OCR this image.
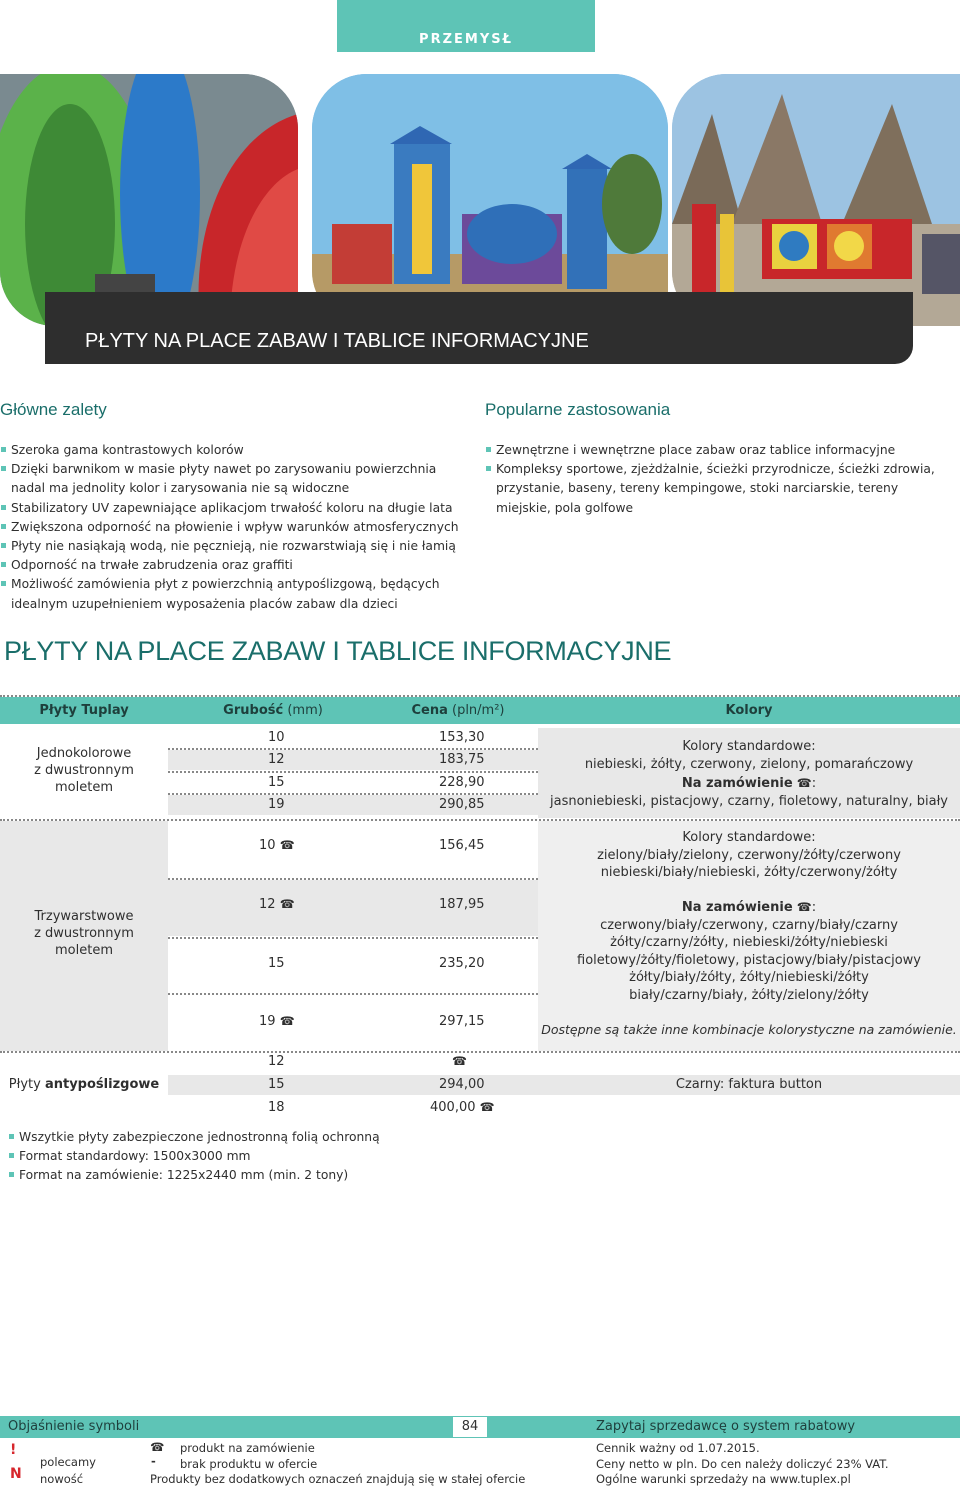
PRZEMYSŁ
PŁYTY NA PLACE ZABAW I TABLICE INFORMACYJNE
Główne zalety
Szeroka gama kontrastowych kolorów
Dzięki barwnikom w masie płyty nawet po zarysowaniu powierzchnia nadal ma jednolity kolor i zarysowania nie są widoczne
Stabilizatory UV zapewniające aplikacjom trwałość koloru na długie lata
Zwiększona odporność na płowienie i wpływ warunków atmosferycznych
Płyty nie nasiąkają wodą, nie pęcznieją, nie rozwarstwiają się i nie łamią
Odporność na trwałe zabrudzenia oraz graffiti
Możliwość zamówienia płyt z powierzchnią antypoślizgową, będących idealnym uzupełnieniem wyposażenia placów zabaw dla dzieci
Popularne zastosowania
Zewnętrzne i wewnętrzne place zabaw oraz tablice informacyjne
Kompleksy sportowe, zjeżdżalnie, ścieżki przyrodnicze, ścieżki zdrowia, przystanie, baseny, tereny kempingowe, stoki narciarskie, tereny miejskie, pola golfowe
PŁYTY NA PLACE ZABAW I TABLICE INFORMACYJNE
Płyty Tuplay	Grubość (mm)	Cena (pln/m²)	Kolory
Jednokolorowe
z dwustronnym
moletem
10	153,30
12	183,75
15	228,90
19	290,85
Kolory standardowe:
niebieski, żółty, czerwony, zielony, pomarańczowy
Na zamówienie ☎:
jasnoniebieski, pistacjowy, czarny, fioletowy, naturalny, biały
Trzywarstwowe
z dwustronnym
moletem
10 ☎	156,45
12 ☎	187,95
15	235,20
19 ☎	297,15
Kolory standardowe:
zielony/biały/zielony, czerwony/żółty/czerwony
niebieski/biały/niebieski, żółty/czerwony/żółty
Na zamówienie ☎:
czerwony/biały/czerwony, czarny/biały/czarny
żółty/czarny/żółty, niebieski/żółty/niebieski
fioletowy/żółty/fioletowy, pistacjowy/biały/pistacjowy
żółty/biały/żółty, żółty/niebieski/żółty
biały/czarny/biały, żółty/zielony/żółty
Dostępne są także inne kombinacje kolorystyczne na zamówienie.
Płyty antypoślizgowe
12	☎
15	294,00
18	400,00 ☎
Czarny: faktura button
Wszytkie płyty zabezpieczone jednostronną folią ochronną
Format standardowy: 1500x3000 mm
Format na zamówienie: 1225x2440 mm (min. 2 tony)
Objaśnienie symboli	84	Zapytaj sprzedawcę o system rabatowy
!
polecamy
N nowość
☎ produkt na zamówienie
- brak produktu w ofercie
Produkty bez dodatkowych oznaczeń znajdują się w stałej ofercie
Cennik ważny od 1.07.2015.
Ceny netto w pln. Do cen należy doliczyć 23% VAT.
Ogólne warunki sprzedaży na www.tuplex.pl
